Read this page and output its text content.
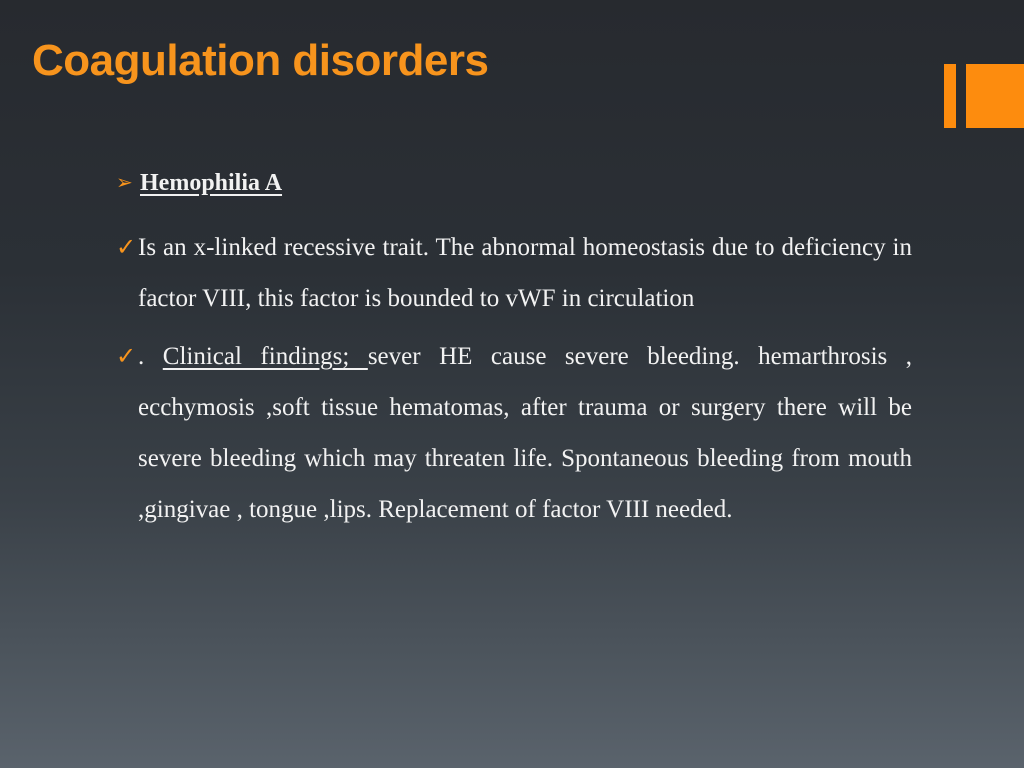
Coagulation disorders
➢ Hemophilia A
✓ Is an x-linked recessive trait. The abnormal homeostasis due to deficiency in factor VIII, this factor is bounded to vWF in circulation
✓ . Clinical findings; sever HE cause severe bleeding. hemarthrosis , ecchymosis ,soft tissue hematomas, after trauma or surgery there will be severe bleeding which may threaten life. Spontaneous bleeding from mouth ,gingivae , tongue ,lips. Replacement of factor VIII needed.
